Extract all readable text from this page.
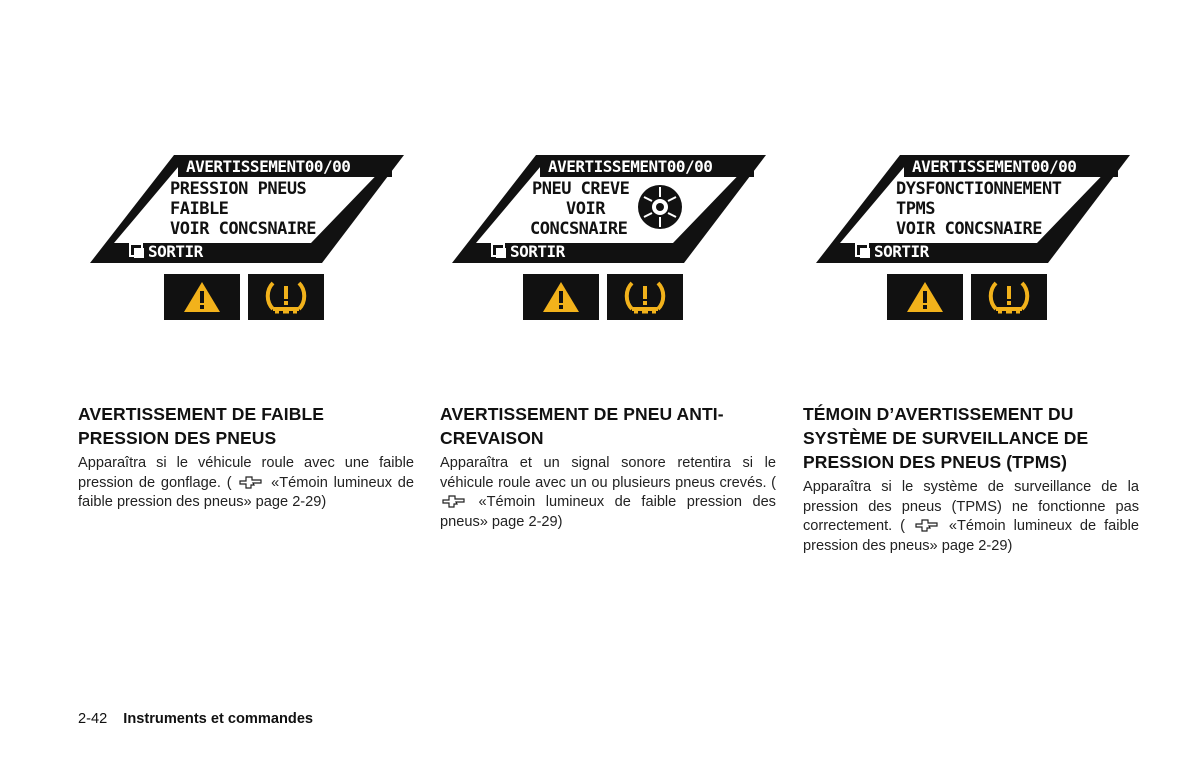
AVERTISSEMENT00/00
PRESSION PNEUS
FAIBLE
VOIR CONCSNAIRE
SORTIR
AVERTISSEMENT00/00
PNEU CREVE
VOIR
CONCSNAIRE
SORTIR
AVERTISSEMENT00/00
DYSFONCTIONNEMENT
TPMS
VOIR CONCSNAIRE
SORTIR
AVERTISSEMENT DE FAIBLE
PRESSION DES PNEUS

Apparaîtra si le véhicule roule avec une faible pression de gonflage. (	«Témoin lumineux de faible pression des pneus» page 2-29)

AVERTISSEMENT DE PNEU ANTI-
CREVAISON

Apparaîtra et un signal sonore retentira si le véhicule roule avec un ou plusieurs pneus crevés. (  «Témoin lumineux de faible pression des pneus» page 2-29)

TÉMOIN D’AVERTISSEMENT DU
SYSTÈME DE SURVEILLANCE DE
PRESSION DES PNEUS (TPMS)

Apparaîtra si le système de surveillance de la pression des pneus (TPMS) ne fonctionne pas correctement. (	«Témoin lumineux de faible pression des pneus» page 2-29)

2-42 Instruments et commandes
